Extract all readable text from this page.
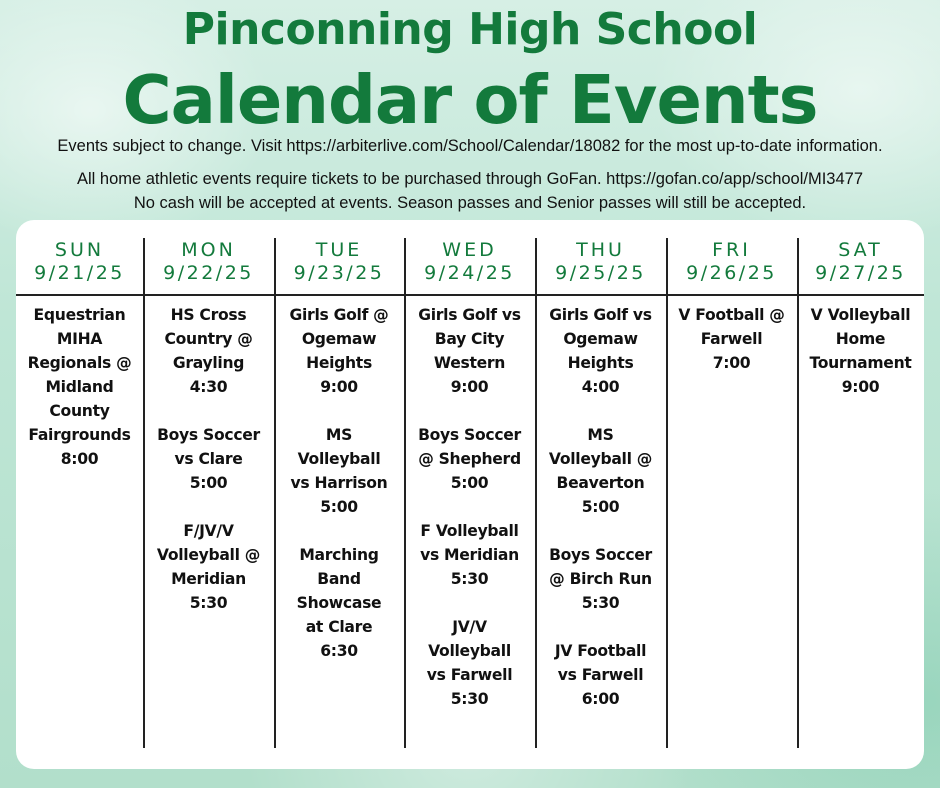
Pinconning High School
Calendar of Events
Events subject to change. Visit https://arbiterlive.com/School/Calendar/18082 for the most up-to-date information.
All home athletic events require tickets to be purchased through GoFan. https://gofan.co/app/school/MI3477
No cash will be accepted at events. Season passes and Senior passes will still be accepted.
SUN
9/21/25
Equestrian
MIHA
Regionals @
Midland
County
Fairgrounds
8:00
MON
9/22/25
HS Cross
Country @
Grayling
4:30
Boys Soccer
vs Clare
5:00
F/JV/V
Volleyball @
Meridian
5:30
TUE
9/23/25
Girls Golf @
Ogemaw
Heights
9:00
MS
Volleyball
vs Harrison
5:00
Marching
Band
Showcase
at Clare
6:30
WED
9/24/25
Girls Golf vs
Bay City
Western
9:00
Boys Soccer
@ Shepherd
5:00
F Volleyball
vs Meridian
5:30
JV/V
Volleyball
vs Farwell
5:30
THU
9/25/25
Girls Golf vs
Ogemaw
Heights
4:00
MS
Volleyball @
Beaverton
5:00
Boys Soccer
@ Birch Run
5:30
JV Football
vs Farwell
6:00
FRI
9/26/25
V Football @
Farwell
7:00
SAT
9/27/25
V Volleyball
Home
Tournament
9:00
